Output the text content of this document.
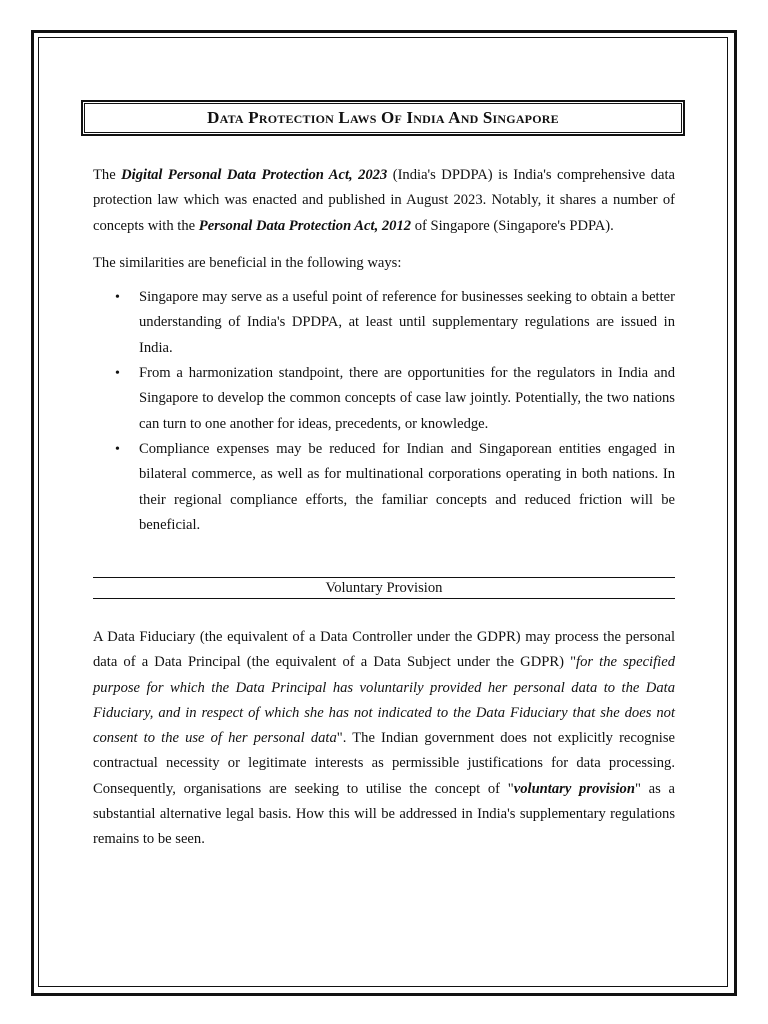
Data Protection Laws Of India And Singapore

The Digital Personal Data Protection Act, 2023 (India's DPDPA) is India's comprehensive data protection law which was enacted and published in August 2023. Notably, it shares a number of concepts with the Personal Data Protection Act, 2012 of Singapore (Singapore's PDPA).

The similarities are beneficial in the following ways:

• Singapore may serve as a useful point of reference for businesses seeking to obtain a better understanding of India's DPDPA, at least until supplementary regulations are issued in India.
• From a harmonization standpoint, there are opportunities for the regulators in India and Singapore to develop the common concepts of case law jointly. Potentially, the two nations can turn to one another for ideas, precedents, or knowledge.
• Compliance expenses may be reduced for Indian and Singaporean entities engaged in bilateral commerce, as well as for multinational corporations operating in both nations. In their regional compliance efforts, the familiar concepts and reduced friction will be beneficial.
Voluntary Provision

A Data Fiduciary (the equivalent of a Data Controller under the GDPR) may process the personal data of a Data Principal (the equivalent of a Data Subject under the GDPR) "for the specified purpose for which the Data Principal has voluntarily provided her personal data to the Data Fiduciary, and in respect of which she has not indicated to the Data Fiduciary that she does not consent to the use of her personal data". The Indian government does not explicitly recognise contractual necessity or legitimate interests as permissible justifications for data processing. Consequently, organisations are seeking to utilise the concept of "voluntary provision" as a substantial alternative legal basis. How this will be addressed in India's supplementary regulations remains to be seen.
